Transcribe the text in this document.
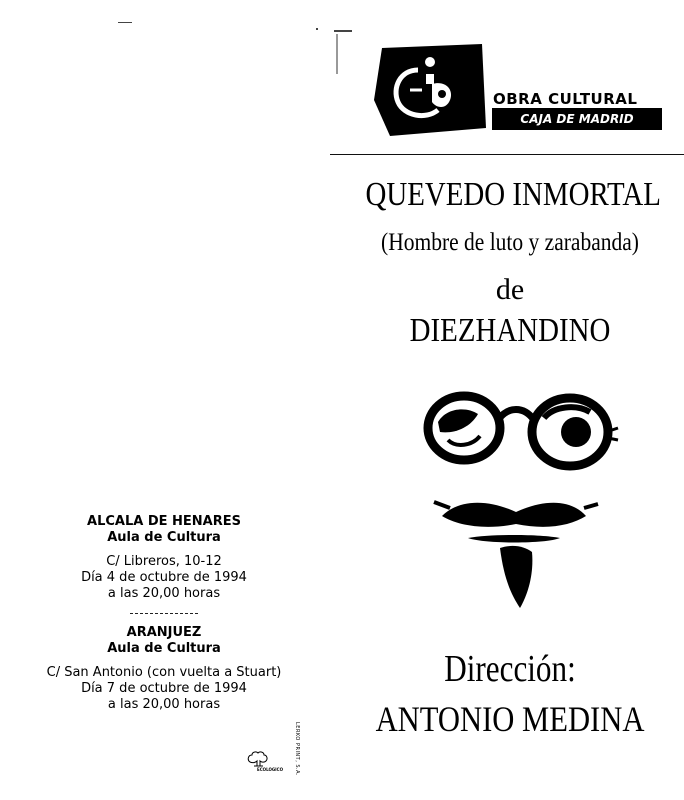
ALCALA DE HENARES
Aula de Cultura
C/ Libreros, 10-12
Día 4 de octubre de 1994
a las 20,00 horas
ARANJUEZ
Aula de Cultura
C/ San Antonio (con vuelta a Stuart)
Día 7 de octubre de 1994
a las 20,00 horas
LERKO PRINT, S.A.
ECOLOGICO
OBRA CULTURAL
CAJA DE MADRID
QUEVEDO INMORTAL
(Hombre de luto y zarabanda)
de
DIEZHANDINO
Dirección:
ANTONIO MEDINA
